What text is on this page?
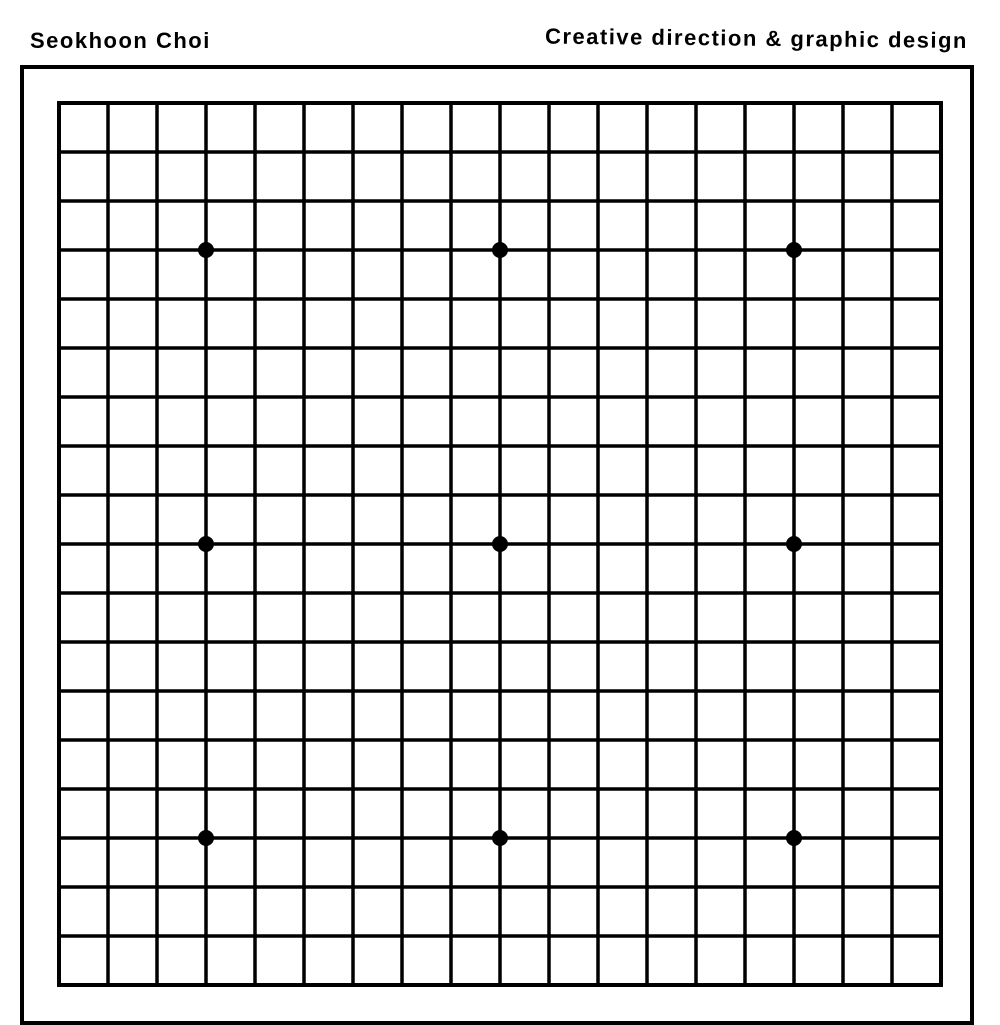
Seokhoon Choi	Creative direction & graphic design
